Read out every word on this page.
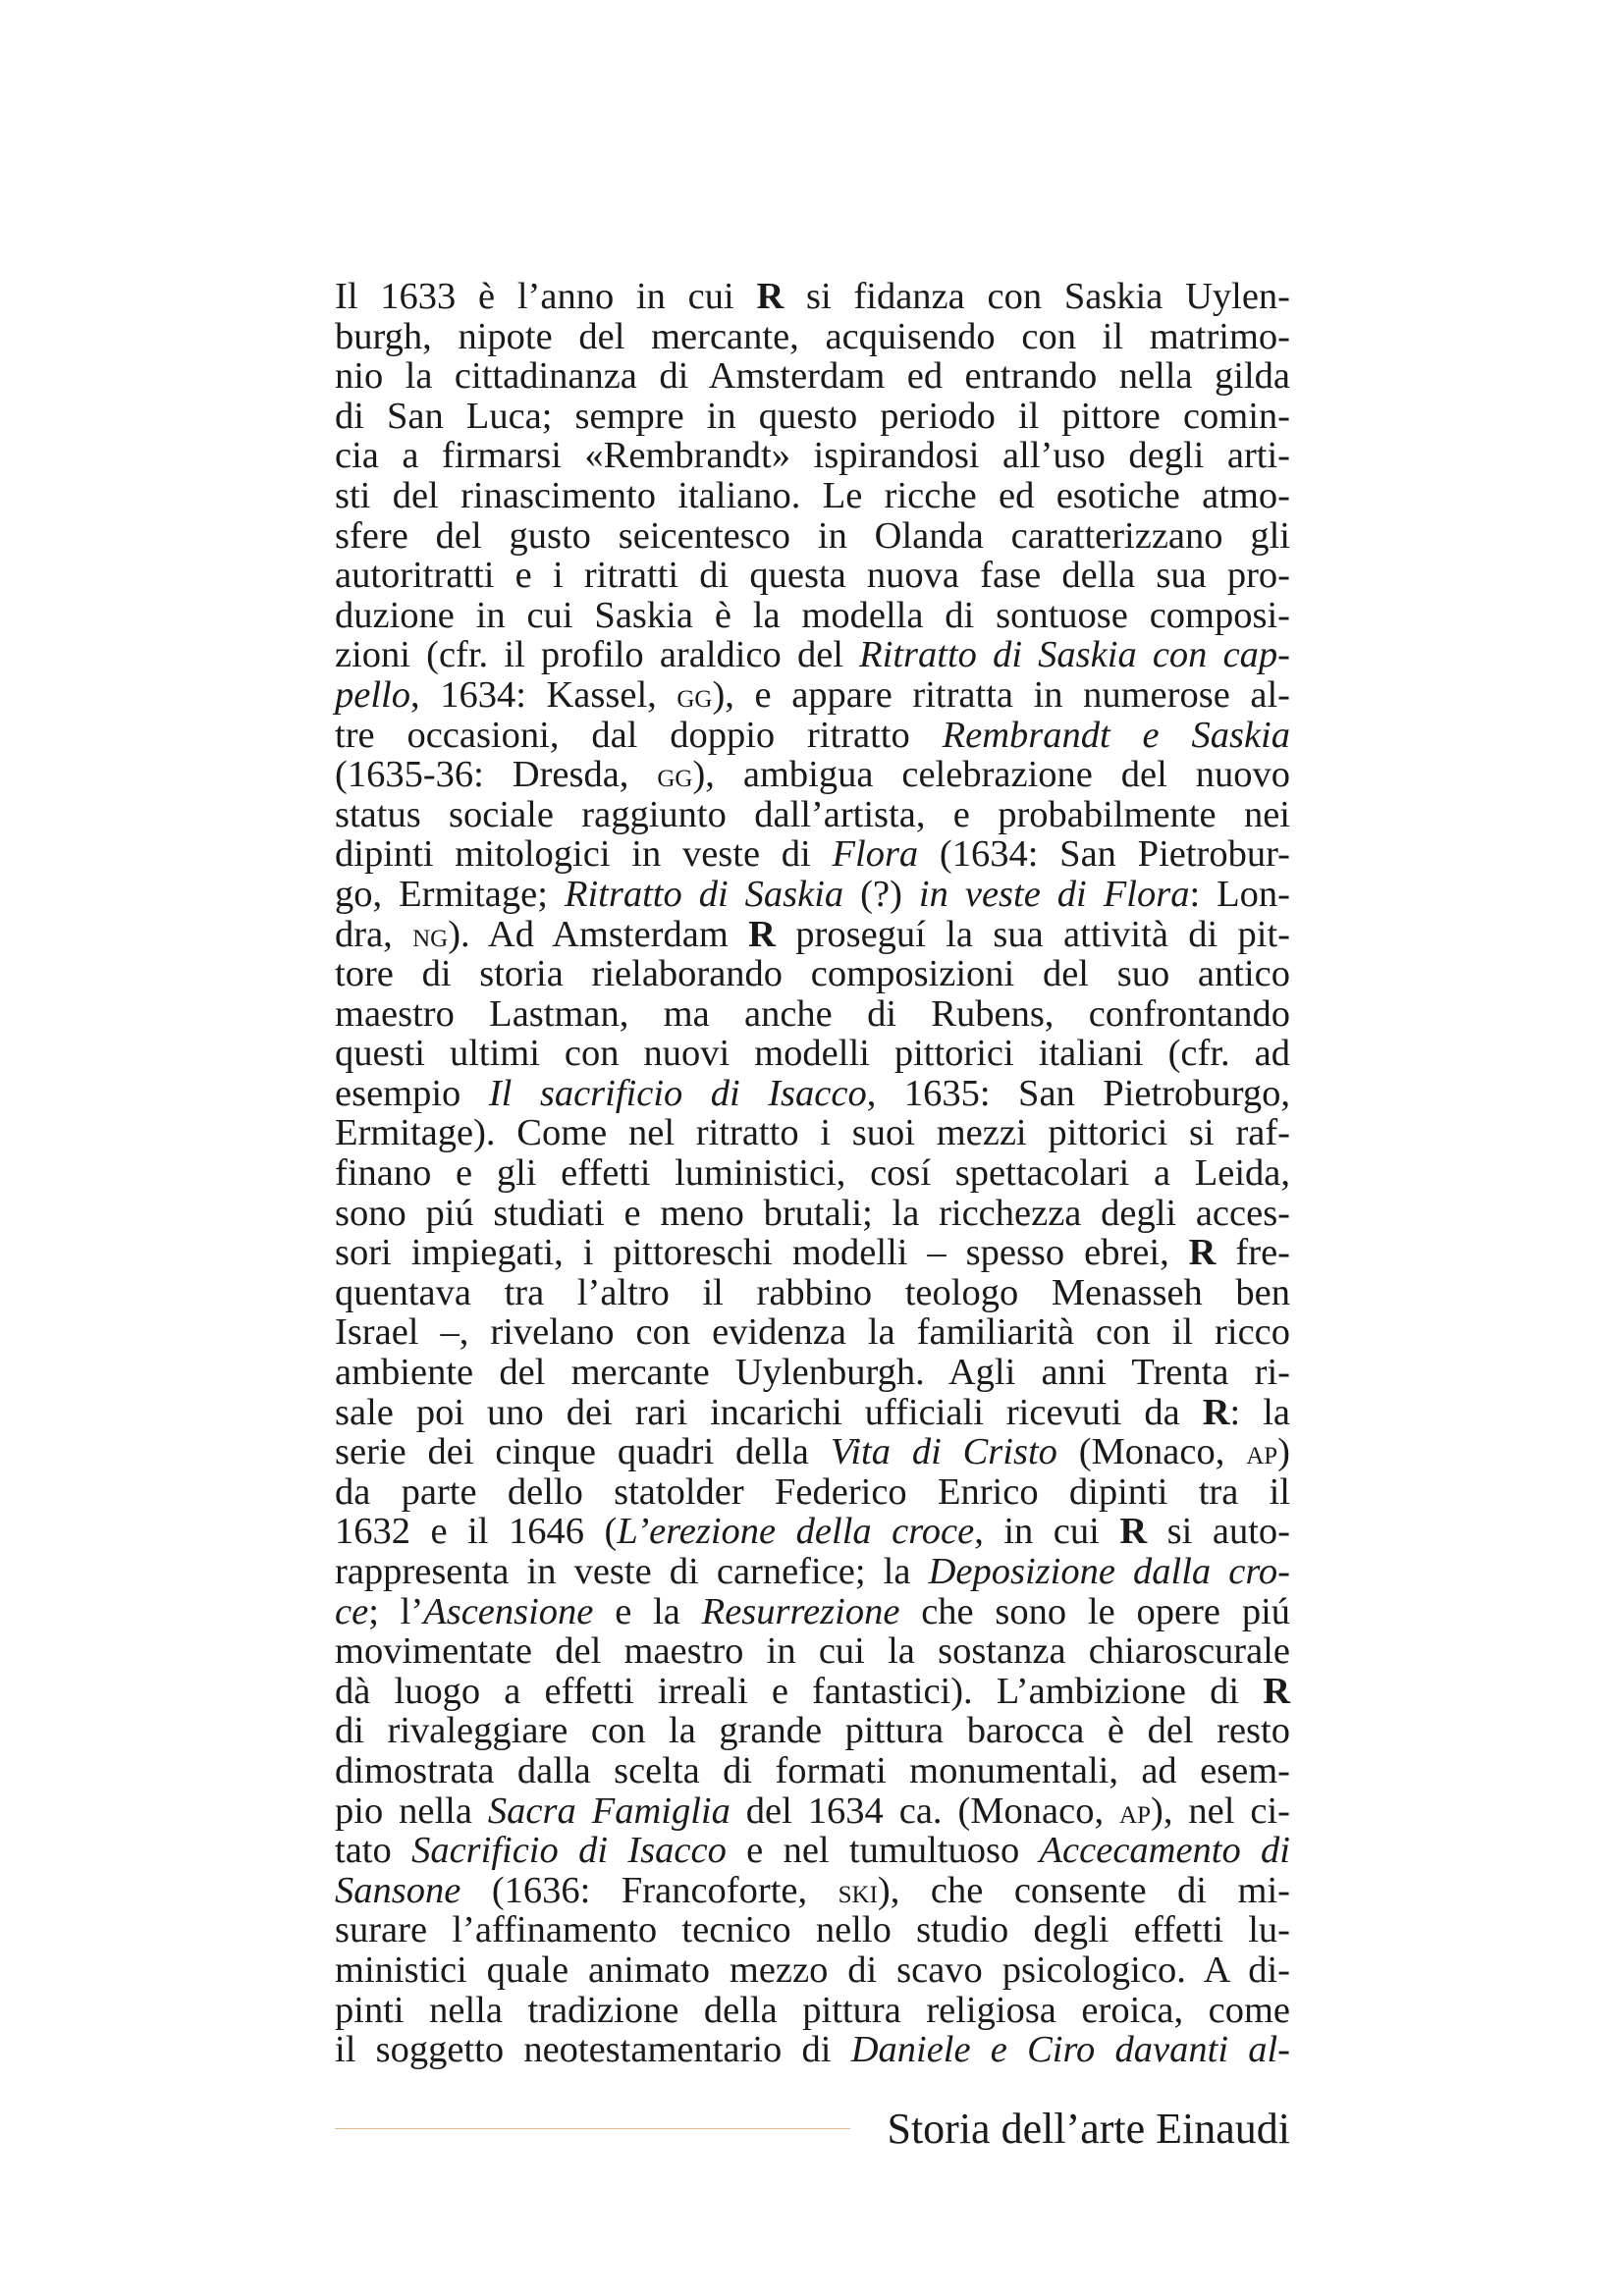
Il 1633 è l’anno in cui R si fidanza con Saskia Uylen-
burgh, nipote del mercante, acquisendo con il matrimo-
nio la cittadinanza di Amsterdam ed entrando nella gilda
di San Luca; sempre in questo periodo il pittore comin-
cia a firmarsi «Rembrandt» ispirandosi all’uso degli arti-
sti del rinascimento italiano. Le ricche ed esotiche atmo-
sfere del gusto seicentesco in Olanda caratterizzano gli
autoritratti e i ritratti di questa nuova fase della sua pro-
duzione in cui Saskia è la modella di sontuose composi-
zioni (cfr. il profilo araldico del Ritratto di Saskia con cap-
pello, 1634: Kassel, gg), e appare ritratta in numerose al-
tre occasioni, dal doppio ritratto Rembrandt e Saskia
(1635-36: Dresda, gg), ambigua celebrazione del nuovo
status sociale raggiunto dall’artista, e probabilmente nei
dipinti mitologici in veste di Flora (1634: San Pietrobur-
go, Ermitage; Ritratto di Saskia (?) in veste di Flora: Lon-
dra, ng). Ad Amsterdam R proseguí la sua attività di pit-
tore di storia rielaborando composizioni del suo antico
maestro Lastman, ma anche di Rubens, confrontando
questi ultimi con nuovi modelli pittorici italiani (cfr. ad
esempio Il sacrificio di Isacco, 1635: San Pietroburgo,
Ermitage). Come nel ritratto i suoi mezzi pittorici si raf-
finano e gli effetti luministici, cosí spettacolari a Leida,
sono piú studiati e meno brutali; la ricchezza degli acces-
sori impiegati, i pittoreschi modelli – spesso ebrei, R fre-
quentava tra l’altro il rabbino teologo Menasseh ben
Israel –, rivelano con evidenza la familiarità con il ricco
ambiente del mercante Uylenburgh. Agli anni Trenta ri-
sale poi uno dei rari incarichi ufficiali ricevuti da R: la
serie dei cinque quadri della Vita di Cristo (Monaco, ap)
da parte dello statolder Federico Enrico dipinti tra il
1632 e il 1646 (L’erezione della croce, in cui R si auto-
rappresenta in veste di carnefice; la Deposizione dalla cro-
ce; l’Ascensione e la Resurrezione che sono le opere piú
movimentate del maestro in cui la sostanza chiaroscurale
dà luogo a effetti irreali e fantastici). L’ambizione di R
di rivaleggiare con la grande pittura barocca è del resto
dimostrata dalla scelta di formati monumentali, ad esem-
pio nella Sacra Famiglia del 1634 ca. (Monaco, ap), nel ci-
tato Sacrificio di Isacco e nel tumultuoso Accecamento di
Sansone (1636: Francoforte, ski), che consente di mi-
surare l’affinamento tecnico nello studio degli effetti lu-
ministici quale animato mezzo di scavo psicologico. A di-
pinti nella tradizione della pittura religiosa eroica, come
il soggetto neotestamentario di Daniele e Ciro davanti al-
Storia dell’arte Einaudi
